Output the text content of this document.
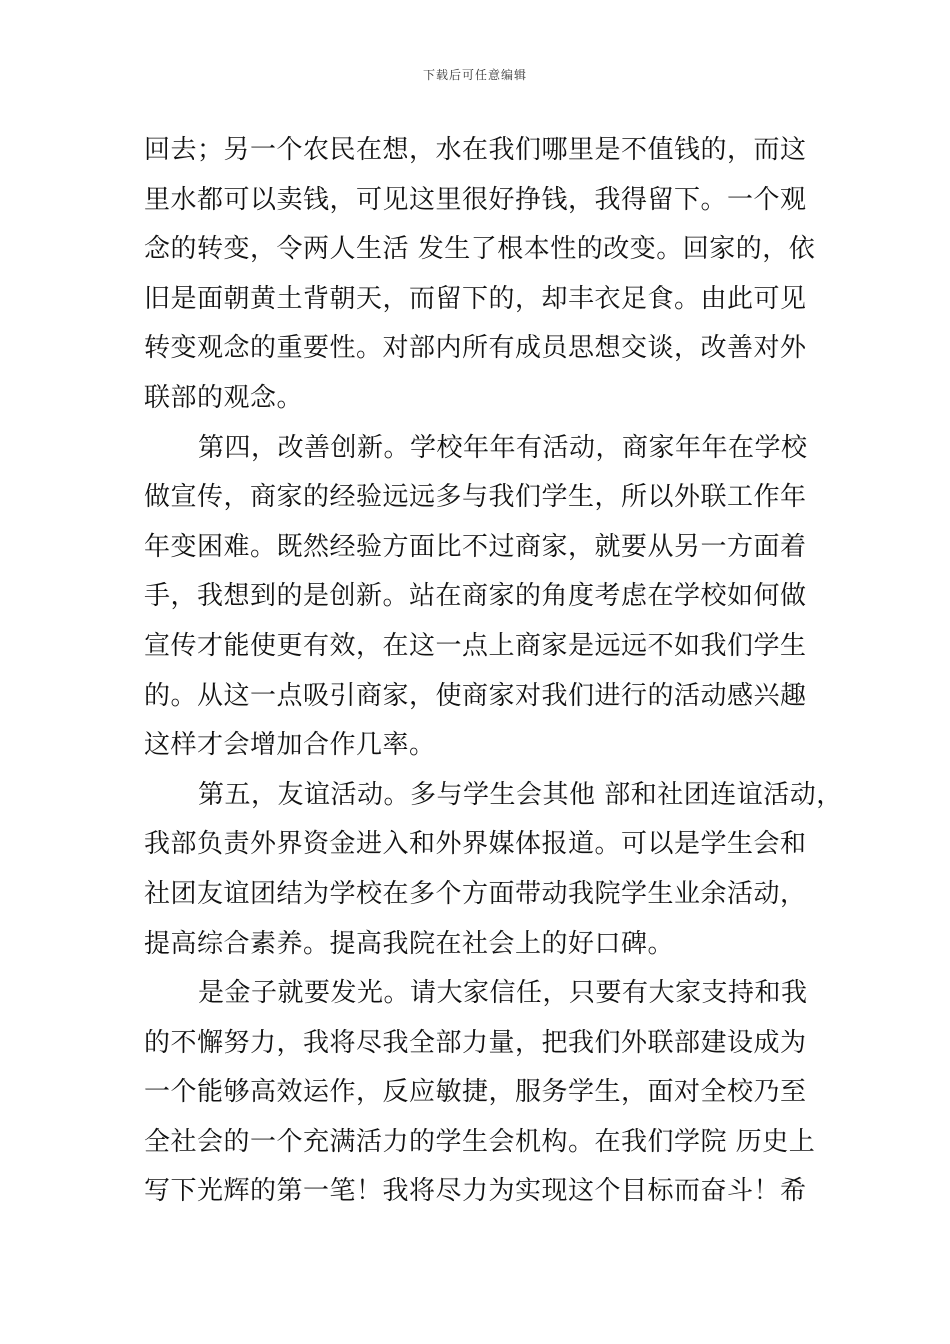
下载后可任意编辑
回去；另一个农民在想，水在我们哪里是不值钱的，而这
里水都可以卖钱，可见这里很好挣钱，我得留下。一个观
念的转变，令两人生活 发生了根本性的改变。回家的，依
旧是面朝黄土背朝天，而留下的，却丰衣足食。由此可见
转变观念的重要性。对部内所有成员思想交谈，改善对外
联部的观念。
第四，改善创新。学校年年有活动，商家年年在学校
做宣传，商家的经验远远多与我们学生，所以外联工作年
年变困难。既然经验方面比不过商家，就要从另一方面着
手，我想到的是创新。站在商家的角度考虑在学校如何做
宣传才能使更有效，在这一点上商家是远远不如我们学生
的。从这一点吸引商家，使商家对我们进行的活动感兴趣
这样才会增加合作几率。
第五，友谊活动。多与学生会其他 部和社团连谊活动，
我部负责外界资金进入和外界媒体报道。可以是学生会和
社团友谊团结为学校在多个方面带动我院学生业余活动，
提高综合素养。提高我院在社会上的好口碑。
是金子就要发光。请大家信任，只要有大家支持和我
的不懈努力，我将尽我全部力量，把我们外联部建设成为
一个能够高效运作，反应敏捷，服务学生，面对全校乃至
全社会的一个充满活力的学生会机构。在我们学院 历史上
写下光辉的第一笔！我将尽力为实现这个目标而奋斗！希
